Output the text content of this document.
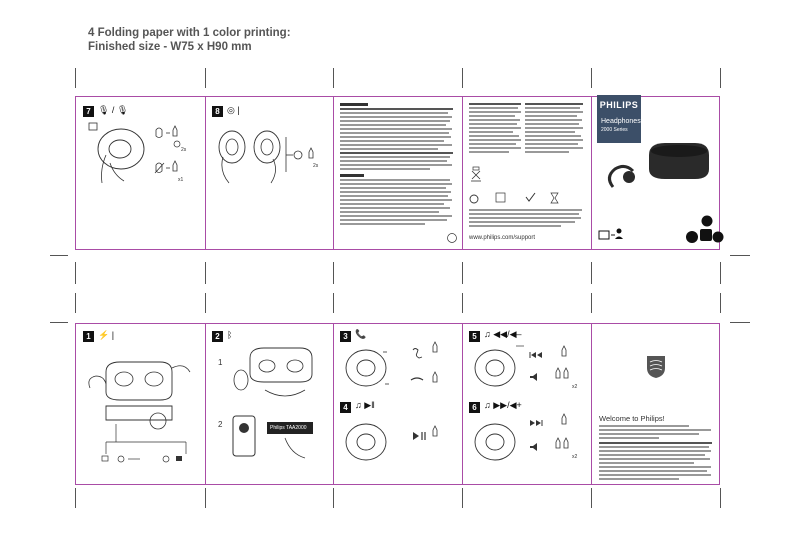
4 Folding paper with 1 color printing:
Finished size - W75 x H90 mm
7 🎙 / 🎙
2s
x1
8 ◎ |
2s
www.philips.com/support
PHILIPS
Headphones
2000 Series
1 ⚡ |	2 ᛒ
1
2	Philips TAA2000
3 📞
4 ♫ ▶‖
5 ♫ ◀◀/◀–
6 ♫ ▶▶/◀+
x2
x2
Welcome to Philips!
